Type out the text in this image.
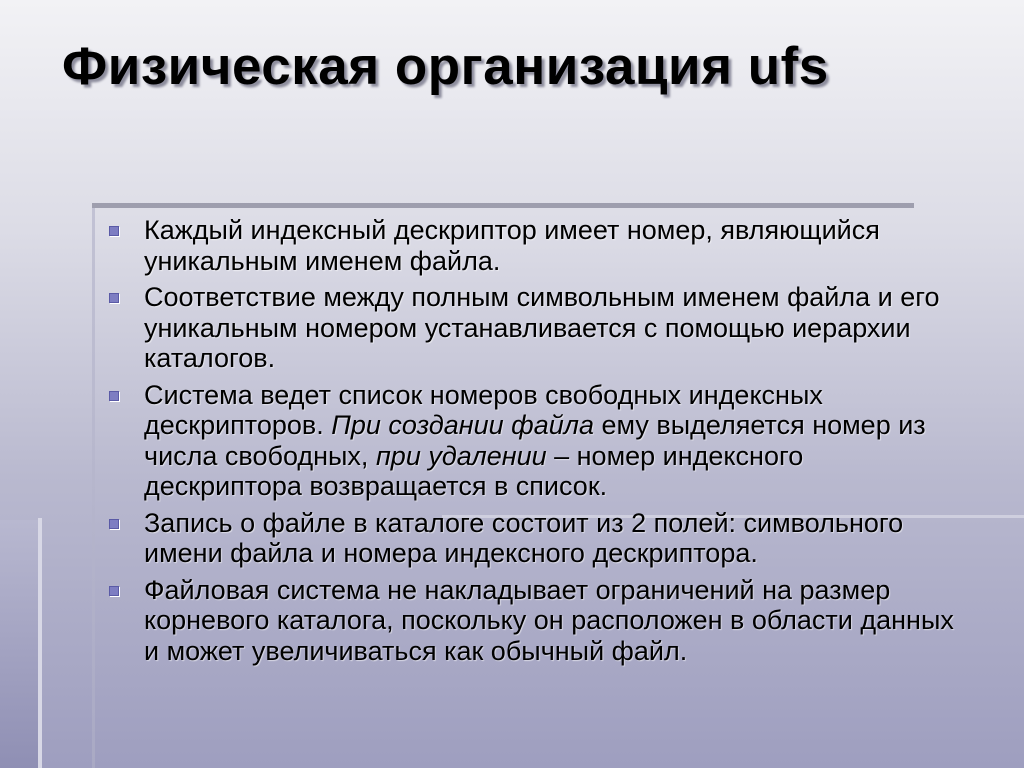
Физическая организация ufs
Каждый индексный дескриптор имеет номер, являющийся уникальным именем файла.
Соответствие между полным символьным именем файла и его уникальным номером устанавливается с помощью иерархии каталогов.
Система ведет список номеров свободных индексных дескрипторов. При создании файла ему выделяется номер из числа свободных, при удалении – номер индексного дескриптора возвращается в список.
Запись о файле в каталоге состоит из 2 полей: символьного имени файла и номера индексного дескриптора.
Файловая система не накладывает ограничений на размер корневого каталога, поскольку он расположен в области данных и может увеличиваться как обычный файл.
